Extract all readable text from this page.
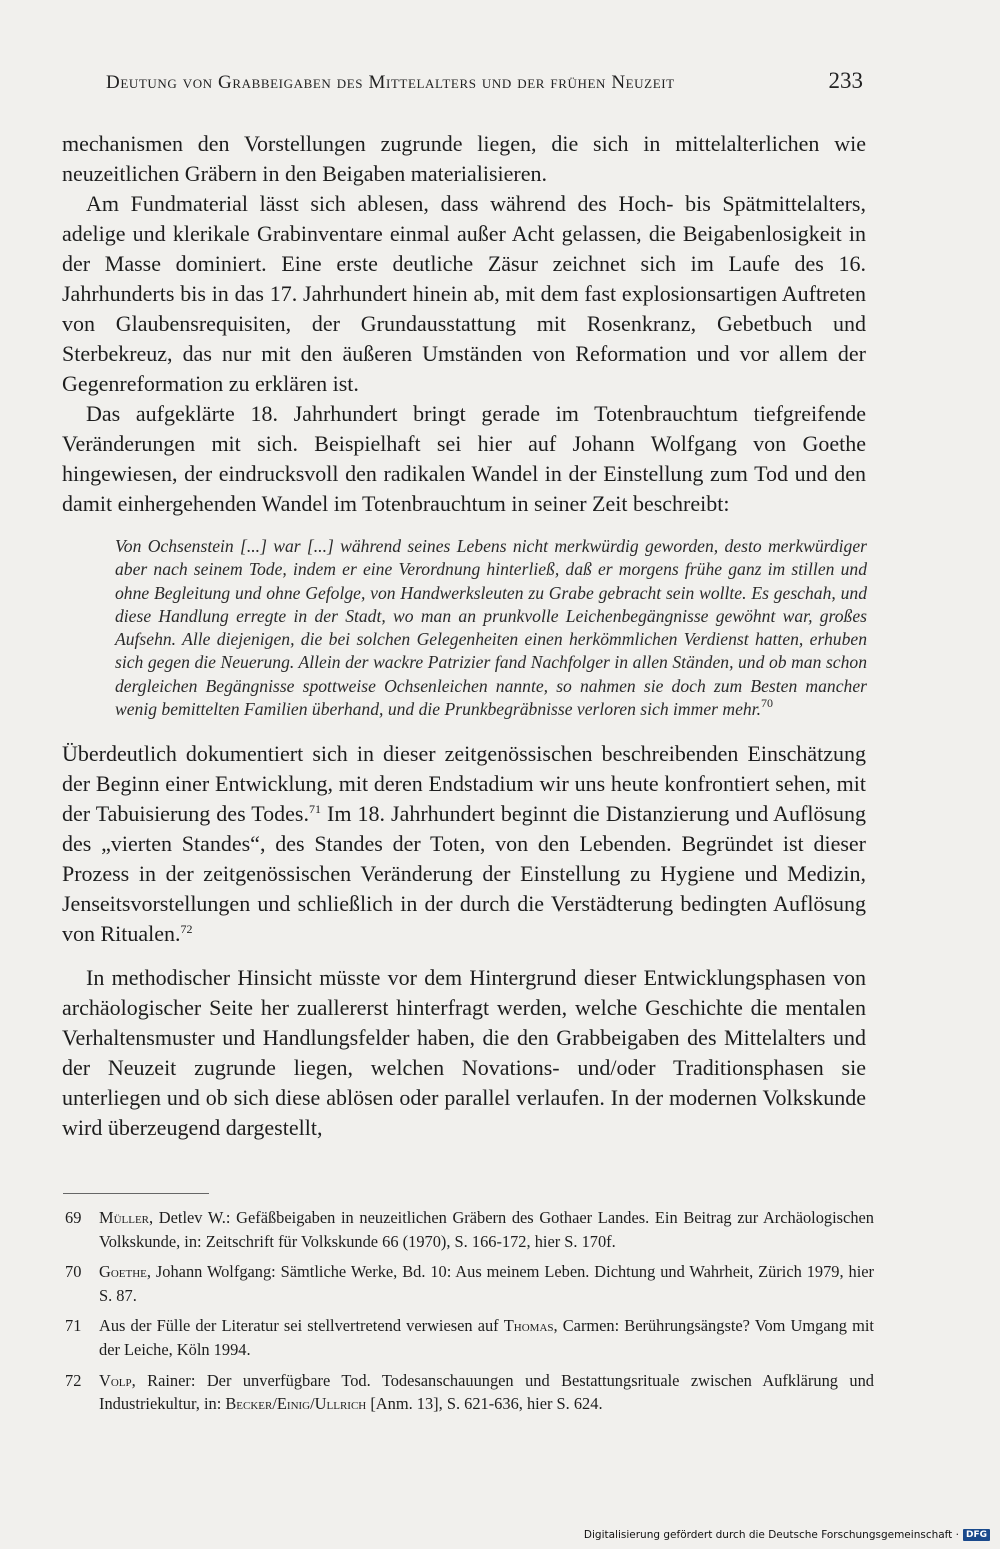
Deutung von Grabbeigaben des Mittelalters und der frühen Neuzeit	233

mechanismen den Vorstellungen zugrunde liegen, die sich in mittelalterlichen wie neuzeitlichen Gräbern in den Beigaben materialisieren.

Am Fundmaterial lässt sich ablesen, dass während des Hoch- bis Spätmittelalters, adelige und klerikale Grabinventare einmal außer Acht gelassen, die Beigabenlosigkeit in der Masse dominiert. Eine erste deutliche Zäsur zeichnet sich im Laufe des 16. Jahrhunderts bis in das 17. Jahrhundert hinein ab, mit dem fast explosionsartigen Auftreten von Glaubensrequisiten, der Grundausstattung mit Rosenkranz, Gebetbuch und Sterbekreuz, das nur mit den äußeren Umständen von Reformation und vor allem der Gegenreformation zu erklären ist.

Das aufgeklärte 18. Jahrhundert bringt gerade im Totenbrauchtum tiefgreifende Veränderungen mit sich. Beispielhaft sei hier auf Johann Wolfgang von Goethe hingewiesen, der eindrucksvoll den radikalen Wandel in der Einstellung zum Tod und den damit einhergehenden Wandel im Totenbrauchtum in seiner Zeit beschreibt:

Von Ochsenstein [...] war [...] während seines Lebens nicht merkwürdig geworden, desto merkwürdiger aber nach seinem Tode, indem er eine Verordnung hinterließ, daß er morgens frühe ganz im stillen und ohne Begleitung und ohne Gefolge, von Handwerksleuten zu Grabe gebracht sein wollte. Es geschah, und diese Handlung erregte in der Stadt, wo man an prunkvolle Leichenbegängnisse gewöhnt war, großes Aufsehn. Alle diejenigen, die bei solchen Gelegenheiten einen herkömmlichen Verdienst hatten, erhuben sich gegen die Neuerung. Allein der wackre Patrizier fand Nachfolger in allen Ständen, und ob man schon dergleichen Begängnisse spottweise Ochsenleichen nannte, so nahmen sie doch zum Besten mancher wenig bemittelten Familien überhand, und die Prunkbegräbnisse verloren sich immer mehr.$^{70}$

Überdeutlich dokumentiert sich in dieser zeitgenössischen beschreibenden Einschätzung der Beginn einer Entwicklung, mit deren Endstadium wir uns heute konfrontiert sehen, mit der Tabuisierung des Todes.$^{71}$ Im 18. Jahrhundert beginnt die Distanzierung und Auflösung des „vierten Standes“, des Standes der Toten, von den Lebenden. Begründet ist dieser Prozess in der zeitgenössischen Veränderung der Einstellung zu Hygiene und Medizin, Jenseitsvorstellungen und schließlich in der durch die Verstädterung bedingten Auflösung von Ritualen.$^{72}$

In methodischer Hinsicht müsste vor dem Hintergrund dieser Entwicklungsphasen von archäologischer Seite her zuallererst hinterfragt werden, welche Geschichte die mentalen Verhaltensmuster und Handlungsfelder haben, die den Grabbeigaben des Mittelalters und der Neuzeit zugrunde liegen, welchen Novations- und/oder Traditionsphasen sie unterliegen und ob sich diese ablösen oder parallel verlaufen. In der modernen Volkskunde wird überzeugend dargestellt,

69 Müller, Detlev W.: Gefäßbeigaben in neuzeitlichen Gräbern des Gothaer Landes. Ein Beitrag zur Archäologischen Volkskunde, in: Zeitschrift für Volkskunde 66 (1970), S. 166-172, hier S. 170f.
70 Goethe, Johann Wolfgang: Sämtliche Werke, Bd. 10: Aus meinem Leben. Dichtung und Wahrheit, Zürich 1979, hier S. 87.
71 Aus der Fülle der Literatur sei stellvertretend verwiesen auf Thomas, Carmen: Berührungsängste? Vom Umgang mit der Leiche, Köln 1994.
72 Volp, Rainer: Der unverfügbare Tod. Todesanschauungen und Bestattungsrituale zwischen Aufklärung und Industriekultur, in: Becker/Einig/Ullrich [Anm. 13], S. 621-636, hier S. 624.
Digitalisierung gefördert durch die Deutsche Forschungsgemeinschaft · DFG
